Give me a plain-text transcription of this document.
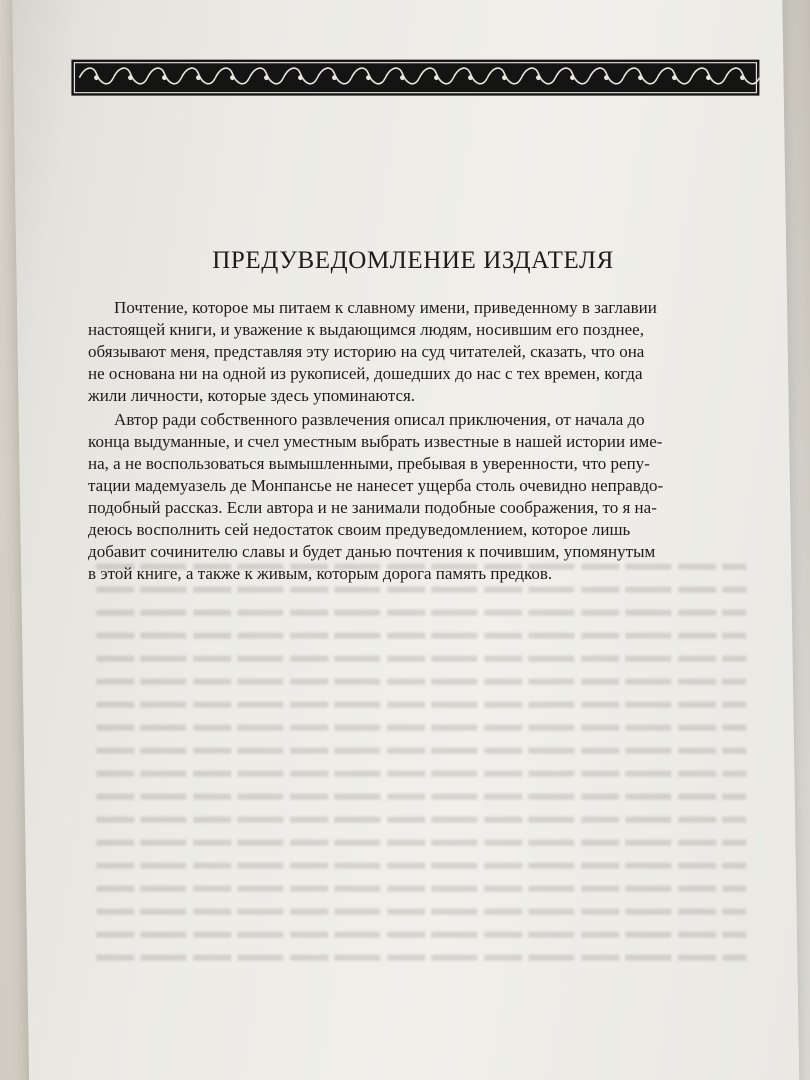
ПРЕДУВЕДОМЛЕНИЕ ИЗДАТЕЛЯ

Почтение, которое мы питаем к славному имени, приведенному в заглавии
настоящей книги, и уважение к выдающимся людям, носившим его позднее,
обязывают меня, представляя эту историю на суд читателей, сказать, что она
не основана ни на одной из рукописей, дошедших до нас с тех времен, когда
жили личности, которые здесь упоминаются.

Автор ради собственного развлечения описал приключения, от начала до
конца выдуманные, и счел уместным выбрать известные в нашей истории име-
на, а не воспользоваться вымышленными, пребывая в уверенности, что репу-
тации мадемуазель де Монпансье не нанесет ущерба столь очевидно неправдо-
подобный рассказ. Если автора и не занимали подобные соображения, то я на-
деюсь восполнить сей недостаток своим предуведомлением, которое лишь
добавит сочинителю славы и будет данью почтения к почившим, упомянутым
в этой книге, а также к живым, которым дорога память предков.
